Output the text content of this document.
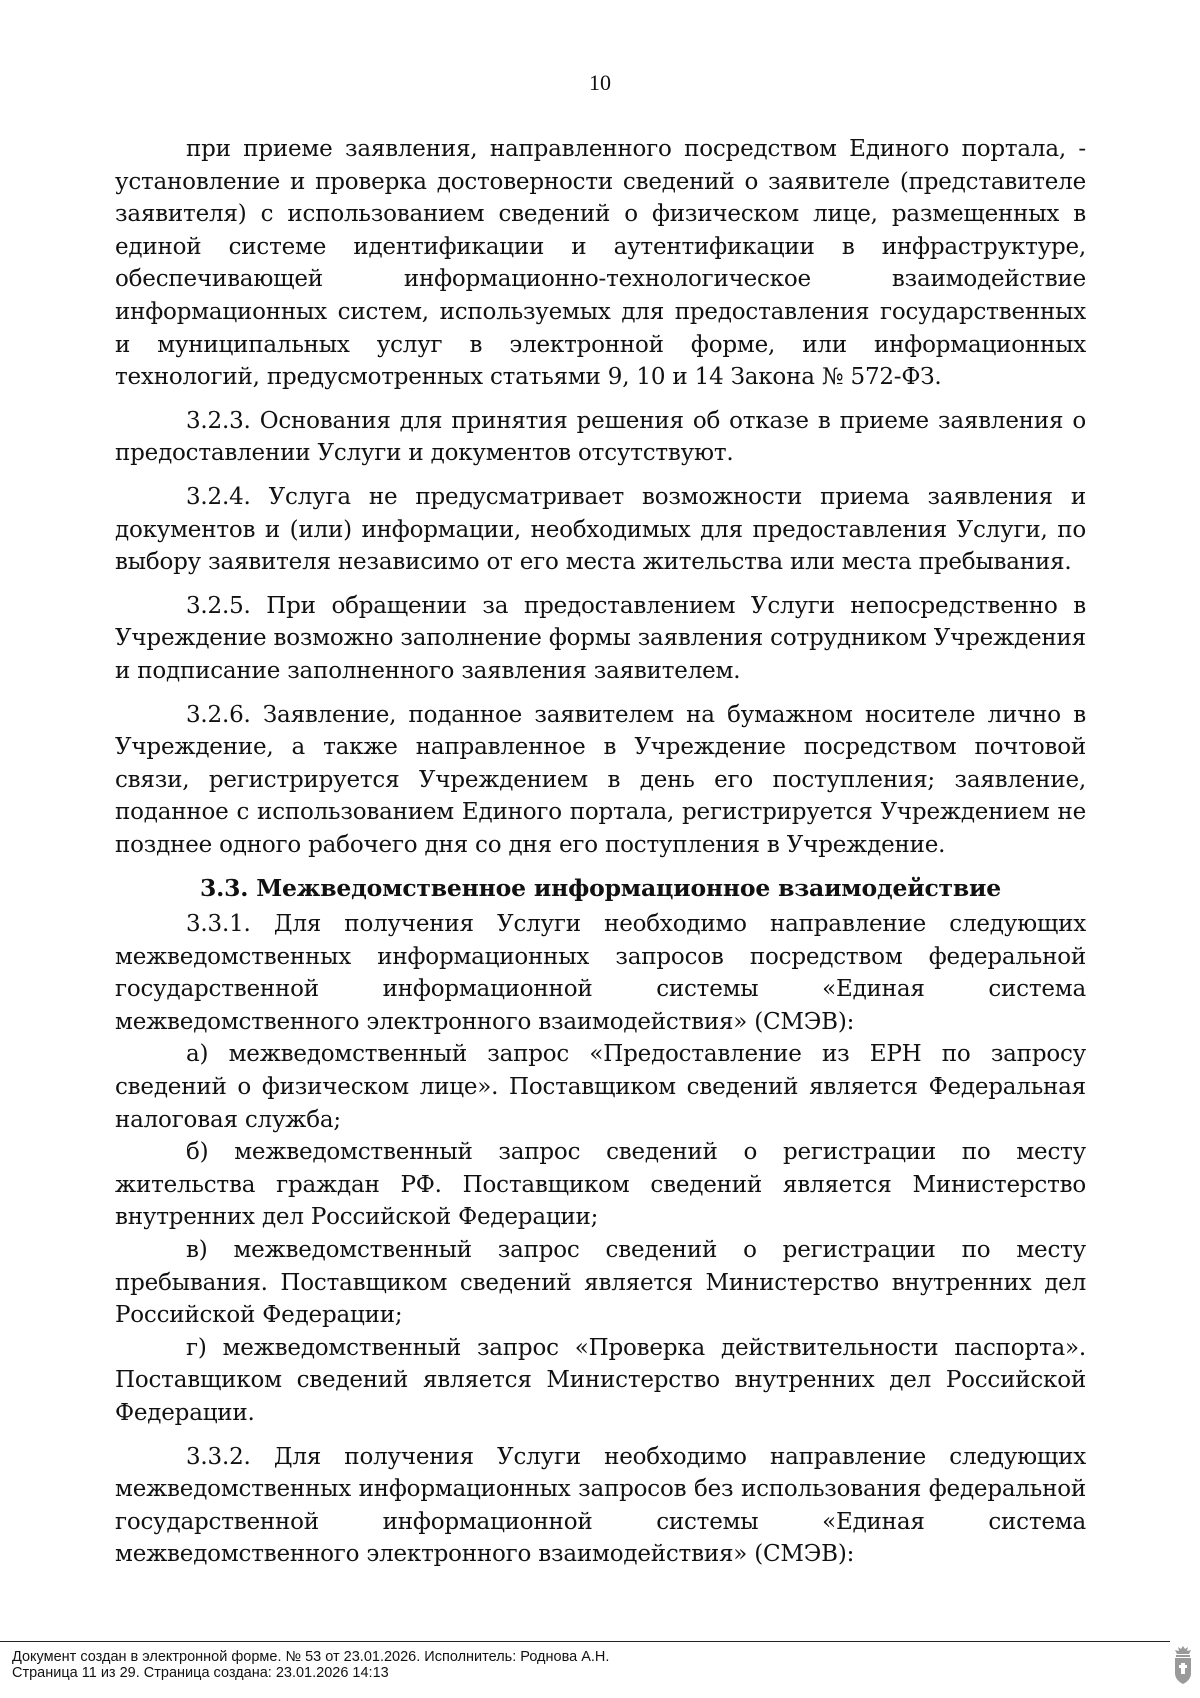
10

при приеме заявления, направленного посредством Единого портала, - установление и проверка достоверности сведений о заявителе (представителе заявителя) с использованием сведений о физическом лице, размещенных в единой системе идентификации и аутентификации в инфраструктуре, обеспечивающей информационно-технологическое взаимодействие информационных систем, используемых для предоставления государственных и муниципальных услуг в электронной форме, или информационных технологий, предусмотренных статьями 9, 10 и 14 Закона № 572-ФЗ.

3.2.3. Основания для принятия решения об отказе в приеме заявления о предоставлении Услуги и документов отсутствуют.

3.2.4. Услуга не предусматривает возможности приема заявления и документов и (или) информации, необходимых для предоставления Услуги, по выбору заявителя независимо от его места жительства или места пребывания.

3.2.5. При обращении за предоставлением Услуги непосредственно в Учреждение возможно заполнение формы заявления сотрудником Учреждения и подписание заполненного заявления заявителем.

3.2.6. Заявление, поданное заявителем на бумажном носителе лично в Учреждение, а также направленное в Учреждение посредством почтовой связи, регистрируется Учреждением в день его поступления; заявление, поданное с использованием Единого портала, регистрируется Учреждением не позднее одного рабочего дня со дня его поступления в Учреждение.

3.3. Межведомственное информационное взаимодействие

3.3.1. Для получения Услуги необходимо направление следующих межведомственных информационных запросов посредством федеральной государственной информационной системы «Единая система межведомственного электронного взаимодействия» (СМЭВ):

а) межведомственный запрос «Предоставление из ЕРН по запросу сведений о физическом лице». Поставщиком сведений является Федеральная налоговая служба;

б) межведомственный запрос сведений о регистрации по месту жительства граждан РФ. Поставщиком сведений является Министерство внутренних дел Российской Федерации;

в) межведомственный запрос сведений о регистрации по месту пребывания. Поставщиком сведений является Министерство внутренних дел Российской Федерации;

г) межведомственный запрос «Проверка действительности паспорта». Поставщиком сведений является Министерство внутренних дел Российской Федерации.

3.3.2. Для получения Услуги необходимо направление следующих межведомственных информационных запросов без использования федеральной государственной информационной системы «Единая система межведомственного электронного взаимодействия» (СМЭВ):

Документ создан в электронной форме. № 53 от 23.01.2026. Исполнитель: Роднова А.Н.
Страница 11 из 29. Страница создана: 23.01.2026 14:13
